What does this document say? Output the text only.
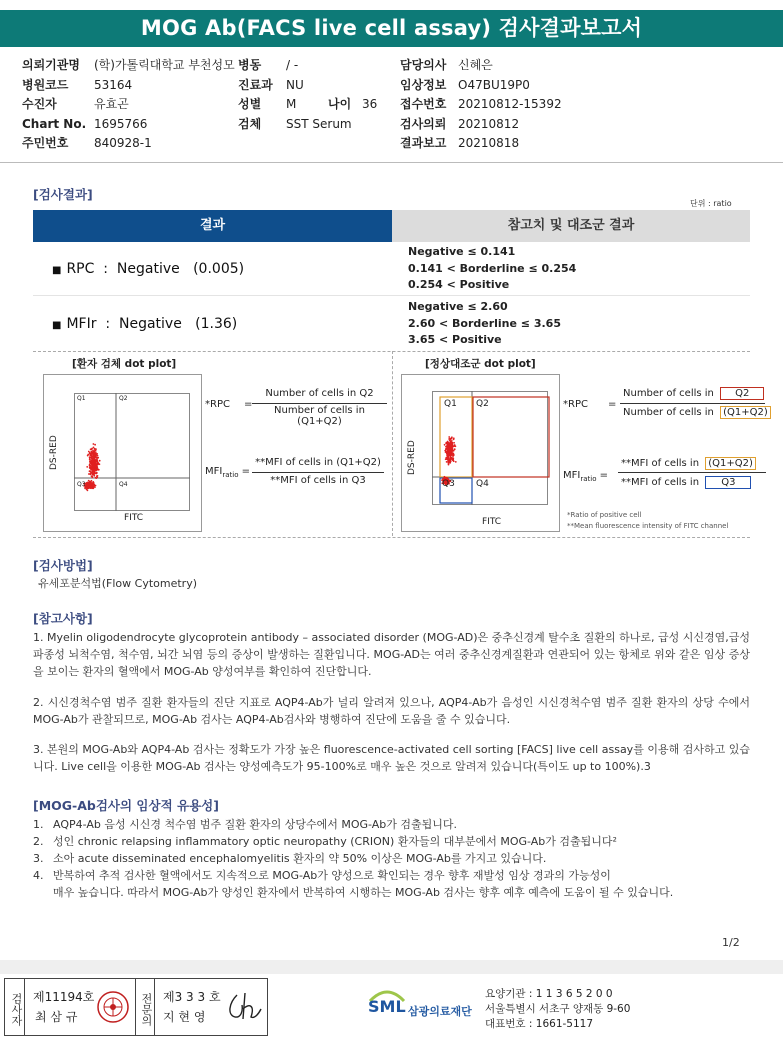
MOG Ab(FACS live cell assay) 검사결과보고서
의뢰기관명 (학)가톨릭대학교 부천성모
병원코드 53164
수진자	유효곤
Chart No. 1695766
주민번호 840928-1
병동 / -
진료과 NU
성별 M	나이 36
검체 SST Serum
담당의사 신혜은
임상정보 O47BU19P0
접수번호 20210812-15392
검사의뢰 20210812
결과보고 20210818
[검사결과]
단위 : ratio
결과	참고치 및 대조군 결과
■ RPC  :  Negative   (0.005)
Negative ≤ 0.141
0.141 < Borderline ≤ 0.254
0.254 < Positive
■ MFIr  :  Negative   (1.36)
Negative ≤ 2.60
2.60 < Borderline ≤ 3.65
3.65 < Positive
[환자 검체 dot plot]	[정상대조군 dot plot]
DS-RED
FITC
Q1	Q2
Q3	Q4
*RPC =
Number of cells in Q2
Number of cells in (Q1+Q2)
$MFI_{ratio}$ =
**MFI of cells in (Q1+Q2)
**MFI of cells in Q3
DS-RED
FITC
Q1 Q2
Q3 Q4
*RPC =
Number of cells in Q2
Number of cells in (Q1+Q2)
$MFI_{ratio}$ =
**MFI of cells in (Q1+Q2)
**MFI of cells in Q3
*Ratio of positive cell
**Mean fluorescence intensity of FITC channel
[검사방법]
유세포분석법(Flow Cytometry)
[참고사항]
1. Myelin oligodendrocyte glycoprotein antibody – associated disorder (MOG-AD)은 중추신경계 탈수초 질환의 하나로, 급성 시신경염,급성파종성 뇌척수염, 척수염, 뇌간 뇌염 등의 증상이 발생하는 질환입니다. MOG-AD는 여러 중추신경계질환과 연관되어 있는 항체로 위와 같은 임상 증상을 보이는 환자의 혈액에서 MOG-Ab 양성여부를 확인하여 진단합니다.
2. 시신경척수염 범주 질환 환자들의 진단 지표로 AQP4-Ab가 널리 알려져 있으나, AQP4-Ab가 음성인 시신경척수염 범주 질환 환자의 상당 수에서 MOG-Ab가 관찰되므로, MOG-Ab 검사는 AQP4-Ab검사와 병행하여 진단에 도움을 줄 수 있습니다.
3. 본원의 MOG-Ab와 AQP4-Ab 검사는 정확도가 가장 높은 fluorescence-activated cell sorting [FACS] live cell assay를 이용해 검사하고 있습니다. Live cell을 이용한 MOG-Ab 검사는 양성예측도가 95-100%로 매우 높은 것으로 알려져 있습니다(특이도 up to 100%).3
[MOG-Ab검사의 임상적 유용성]
1. AQP4-Ab 음성 시신경 척수염 범주 질환 환자의 상당수에서 MOG-Ab가 검출됩니다.
2. 성인 chronic relapsing inflammatory optic neuropathy (CRION) 환자들의 대부분에서 MOG-Ab가 검출됩니다²
3. 소아 acute disseminated encephalomyelitis 환자의 약 50% 이상은 MOG-Ab를 가지고 있습니다.
4. 반복하여 추적 검사한 혈액에서도 지속적으로 MOG-Ab가 양성으로 확인되는 경우 향후 재발성 임상 경과의 가능성이
매우 높습니다. 따라서 MOG-Ab가 양성인 환자에서 반복하여 시행하는 MOG-Ab 검사는 향후 예후 예측에 도움이 될 수 있습니다.
1/2
검사자 제11194호
최 삼 규	전문의 제3 3 3 호
지 현 영
SML 삼광의료재단
요양기관 : 1 1 3 6 5 2 0 0
서울특별시 서초구 양재동 9-60
대표번호 : 1661-5117
